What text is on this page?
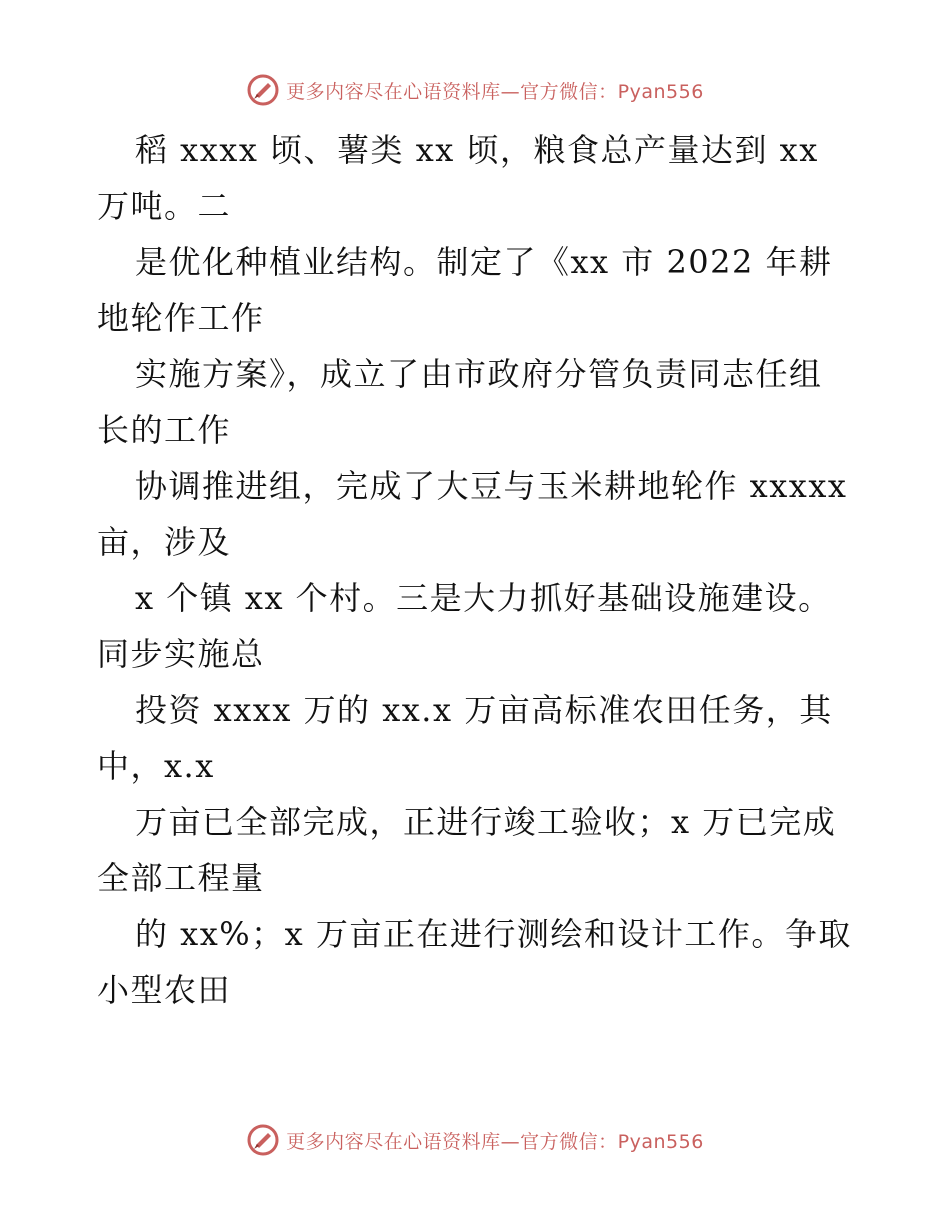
更多内容尽在心语资料库—官方微信：Pyan556
稻 xxxx 顷、薯类 xx 顷，粮食总产量达到 xx
万吨。二
是优化种植业结构。制定了《xx 市 2022 年耕
地轮作工作
实施方案》，成立了由市政府分管负责同志任组
长的工作
协调推进组，完成了大豆与玉米耕地轮作 xxxxx
亩，涉及
x 个镇 xx 个村。三是大力抓好基础设施建设。
同步实施总
投资 xxxx 万的 xx.x 万亩高标准农田任务，其
中，x.x
万亩已全部完成，正进行竣工验收；x 万已完成
全部工程量
的 xx%；x 万亩正在进行测绘和设计工作。争取
小型农田
更多内容尽在心语资料库—官方微信：Pyan556
